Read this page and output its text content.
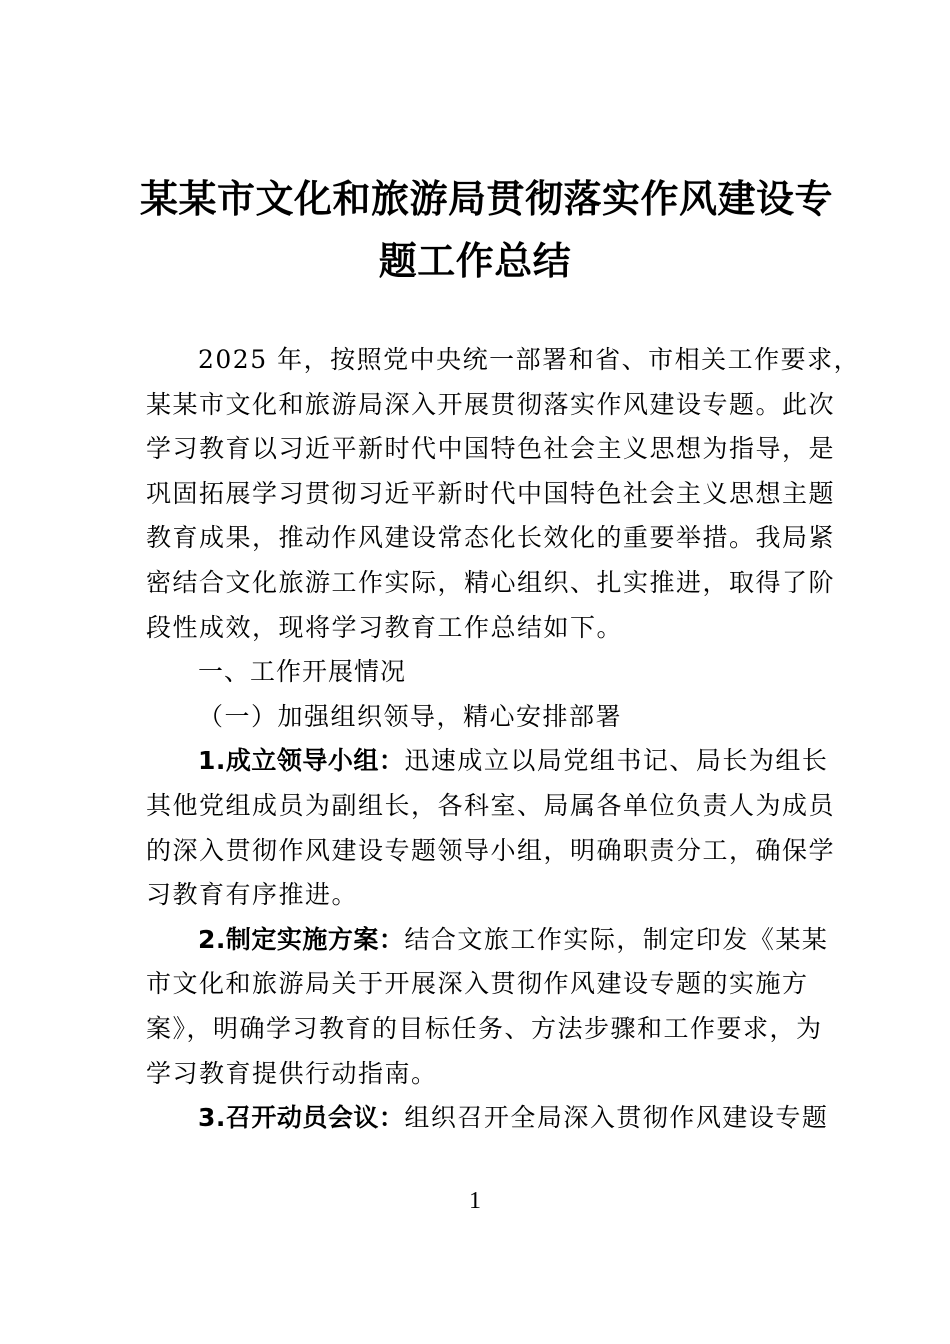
某某市文化和旅游局贯彻落实作风建设专
题工作总结
2025 年，按照党中央统一部署和省、市相关工作要求，
某某市文化和旅游局深入开展贯彻落实作风建设专题。此次
学习教育以习近平新时代中国特色社会主义思想为指导，是
巩固拓展学习贯彻习近平新时代中国特色社会主义思想主题
教育成果，推动作风建设常态化长效化的重要举措。我局紧
密结合文化旅游工作实际，精心组织、扎实推进，取得了阶
段性成效，现将学习教育工作总结如下。
一、工作开展情况
（一）加强组织领导，精心安排部署
1.成立领导小组：迅速成立以局党组书记、局长为组长
其他党组成员为副组长，各科室、局属各单位负责人为成员
的深入贯彻作风建设专题领导小组，明确职责分工，确保学
习教育有序推进。
2.制定实施方案：结合文旅工作实际，制定印发《某某
市文化和旅游局关于开展深入贯彻作风建设专题的实施方
案》，明确学习教育的目标任务、方法步骤和工作要求，为
学习教育提供行动指南。
3.召开动员会议：组织召开全局深入贯彻作风建设专题
1
